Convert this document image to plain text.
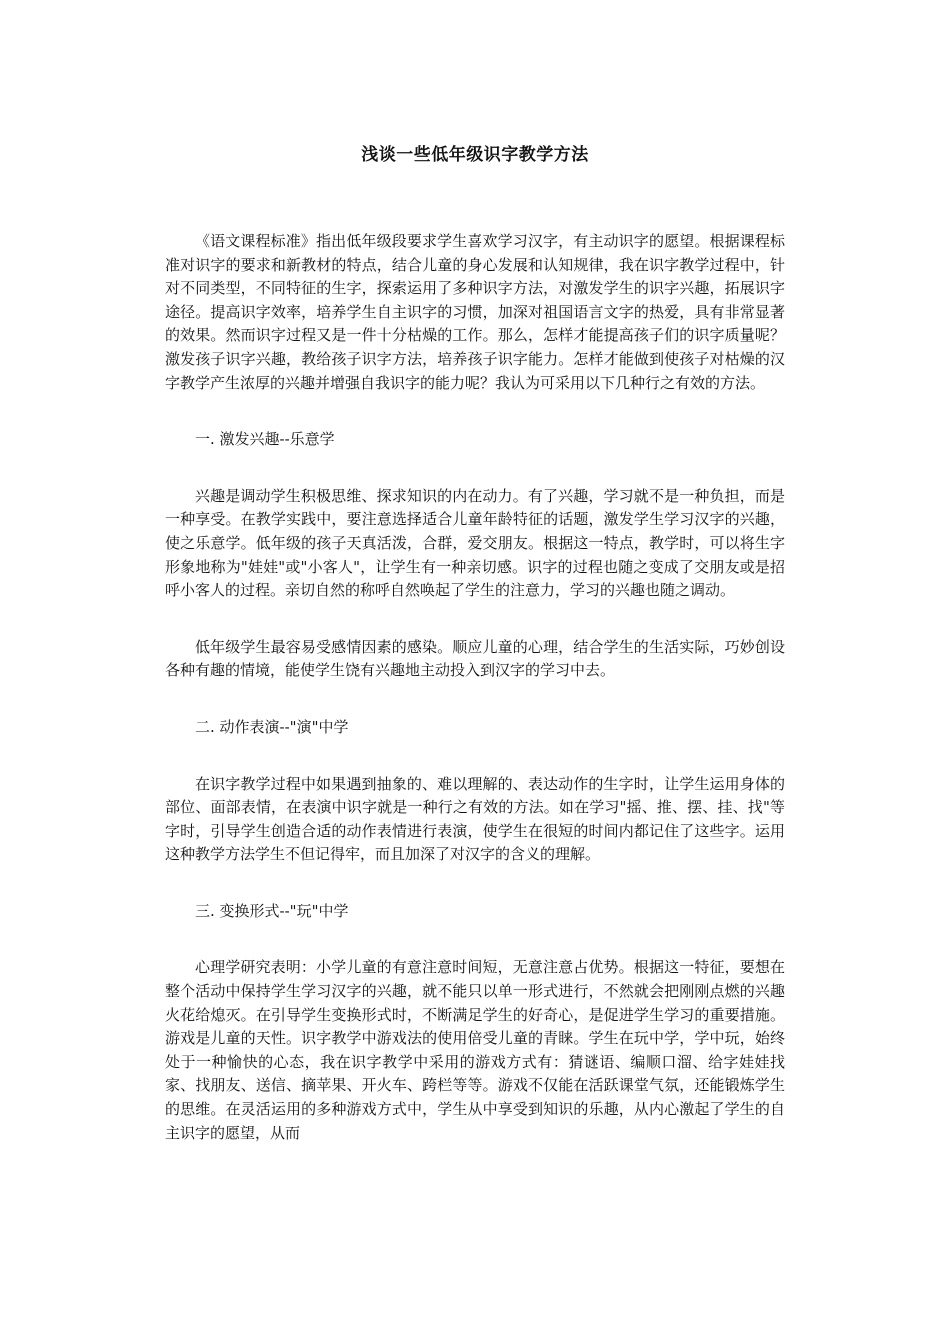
浅谈一些低年级识字教学方法

《语文课程标准》指出低年级段要求学生喜欢学习汉字，有主动识字的愿望。根据课程标准对识字的要求和新教材的特点，结合儿童的身心发展和认知规律，我在识字教学过程中，针对不同类型，不同特征的生字，探索运用了多种识字方法，对激发学生的识字兴趣，拓展识字途径。提高识字效率，培养学生自主识字的习惯，加深对祖国语言文字的热爱，具有非常显著的效果。然而识字过程又是一件十分枯燥的工作。那么，怎样才能提高孩子们的识字质量呢？激发孩子识字兴趣，教给孩子识字方法，培养孩子识字能力。怎样才能做到使孩子对枯燥的汉字教学产生浓厚的兴趣并增强自我识字的能力呢？我认为可采用以下几种行之有效的方法。

一. 激发兴趣--乐意学

兴趣是调动学生积极思维、探求知识的内在动力。有了兴趣，学习就不是一种负担，而是一种享受。在教学实践中，要注意选择适合儿童年龄特征的话题，激发学生学习汉字的兴趣，使之乐意学。低年级的孩子天真活泼，合群，爱交朋友。根据这一特点，教学时，可以将生字形象地称为"娃娃"或"小客人"，让学生有一种亲切感。识字的过程也随之变成了交朋友或是招呼小客人的过程。亲切自然的称呼自然唤起了学生的注意力，学习的兴趣也随之调动。

低年级学生最容易受感情因素的感染。顺应儿童的心理，结合学生的生活实际，巧妙创设各种有趣的情境，能使学生饶有兴趣地主动投入到汉字的学习中去。

二. 动作表演--"演"中学

在识字教学过程中如果遇到抽象的、难以理解的、表达动作的生字时，让学生运用身体的部位、面部表情，在表演中识字就是一种行之有效的方法。如在学习"摇、推、摆、挂、找"等字时，引导学生创造合适的动作表情进行表演，使学生在很短的时间内都记住了这些字。运用这种教学方法学生不但记得牢，而且加深了对汉字的含义的理解。

三. 变换形式--"玩"中学

心理学研究表明：小学儿童的有意注意时间短，无意注意占优势。根据这一特征，要想在整个活动中保持学生学习汉字的兴趣，就不能只以单一形式进行，不然就会把刚刚点燃的兴趣火花给熄灭。在引导学生变换形式时，不断满足学生的好奇心，是促进学生学习的重要措施。游戏是儿童的天性。识字教学中游戏法的使用倍受儿童的青睐。学生在玩中学，学中玩，始终处于一种愉快的心态，我在识字教学中采用的游戏方式有：猜谜语、编顺口溜、给字娃娃找家、找朋友、送信、摘苹果、开火车、跨栏等等。游戏不仅能在活跃课堂气氛，还能锻炼学生的思维。在灵活运用的多种游戏方式中，学生从中享受到知识的乐趣，从内心激起了学生的自主识字的愿望，从而
